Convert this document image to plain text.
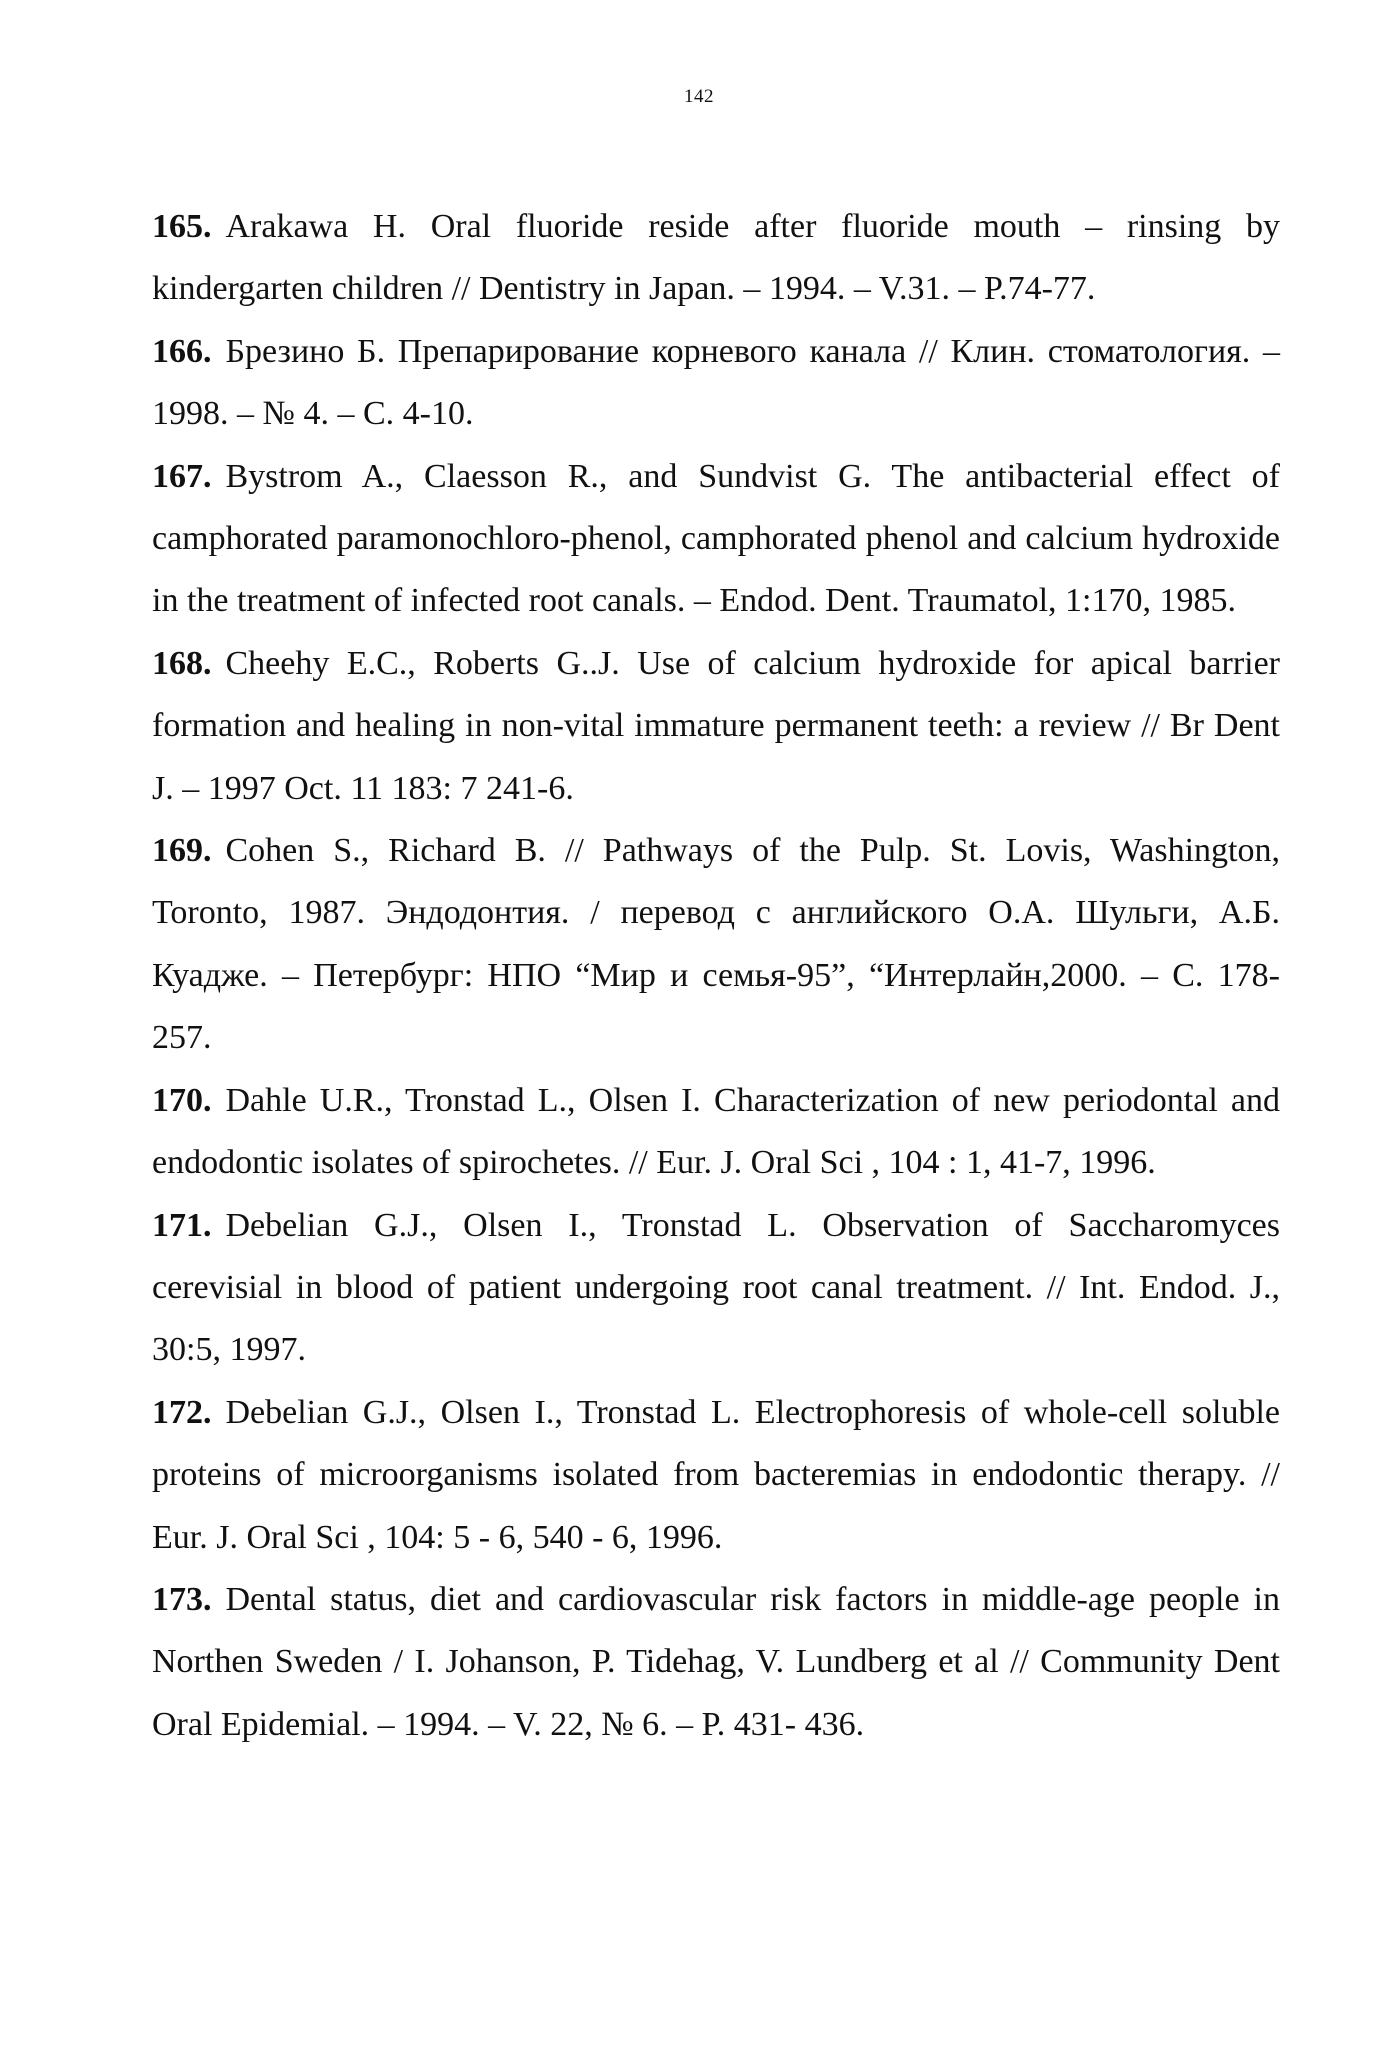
142

165. Arakawa H. Oral fluoride reside after fluoride mouth – rinsing by kindergarten children // Dentistry in Japan. – 1994. – V.31. – P.74-77.

166. Брезино Б. Препарирование корневого канала // Клин. стоматология. – 1998. – № 4. – С. 4-10.

167. Bystrom A., Claesson R., and Sundvist G. The antibacterial effect of camphorated paramonochloro-phenol, camphorated phenol and calcium hydroxide in the treatment of infected root canals. – Endod. Dent. Traumatol, 1:170, 1985.

168. Cheehy E.C., Roberts G..J. Use of calcium hydroxide for apical barrier formation and healing in non-vital immature permanent teeth: a review // Br Dent J. – 1997 Oct. 11 183: 7 241-6.

169. Cohen S., Richard B. // Pathways of the Pulp. St. Lovis, Washington, Toronto, 1987. Эндодонтия. / перевод с английского О.А. Шульги, А.Б. Куадже. – Петербург: НПО “Мир и семья-95”, “Интерлайн,2000. – С. 178-257.

170. Dahle U.R., Tronstad L., Olsen I. Characterization of new periodontal and endodontic isolates of spirochetes. // Eur. J. Oral Sci , 104 : 1, 41-7, 1996.

171. Debelian G.J., Olsen I., Tronstad L. Observation of Saccharomyces cerevisial in blood of patient undergoing root canal treatment. // Int. Endod. J., 30:5, 1997.

172. Debelian G.J., Olsen I., Tronstad L. Electrophoresis of whole-cell soluble proteins of microorganisms isolated from bacteremias in endodontic therapy. // Eur. J. Oral Sci , 104: 5 - 6, 540 - 6, 1996.

173. Dental status, diet and cardiovascular risk factors in middle-age people in Northen Sweden / I. Johanson, P. Tidehag, V. Lundberg et al // Community Dent Oral Epidemial. – 1994. – V. 22, № 6. – P. 431- 436.
